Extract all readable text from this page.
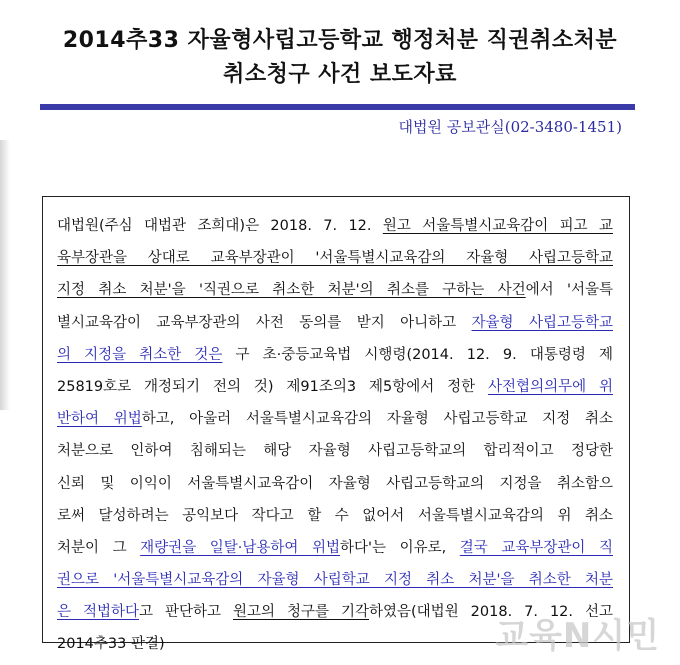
2014추33 자율형사립고등학교 행정처분 직권취소처분
취소청구 사건 보도자료
대법원 공보관실(02-3480-1451)
대법원(주심 대법관 조희대)은 2018. 7. 12. 원고 서울특별시교육감이 피고 교
육부장관을 상대로 교육부장관이 '서울특별시교육감의 자율형 사립고등학교
지정 취소 처분'을 '직권으로 취소한 처분'의 취소를 구하는 사건에서 '서울특
별시교육감이 교육부장관의 사전 동의를 받지 아니하고 자율형 사립고등학교
의 지정을 취소한 것은 구 초·중등교육법 시행령(2014. 12. 9. 대통령령 제
25819호로 개정되기 전의 것) 제91조의3 제5항에서 정한 사전협의의무에 위
반하여 위법하고, 아울러 서울특별시교육감의 자율형 사립고등학교 지정 취소
처분으로 인하여 침해되는 해당 자율형 사립고등학교의 합리적이고 정당한
신뢰 및 이익이 서울특별시교육감이 자율형 사립고등학교의 지정을 취소함으
로써 달성하려는 공익보다 작다고 할 수 없어서 서울특별시교육감의 위 취소
처분이 그 재량권을 일탈·남용하여 위법하다'는 이유로, 결국 교육부장관이 직
권으로 '서울특별시교육감의 자율형 사립학교 지정 취소 처분'을 취소한 처분
은 적법하다고 판단하고 원고의 청구를 기각하였음(대법원 2018. 7. 12. 선고
2014추33 판결)	교육N시민
